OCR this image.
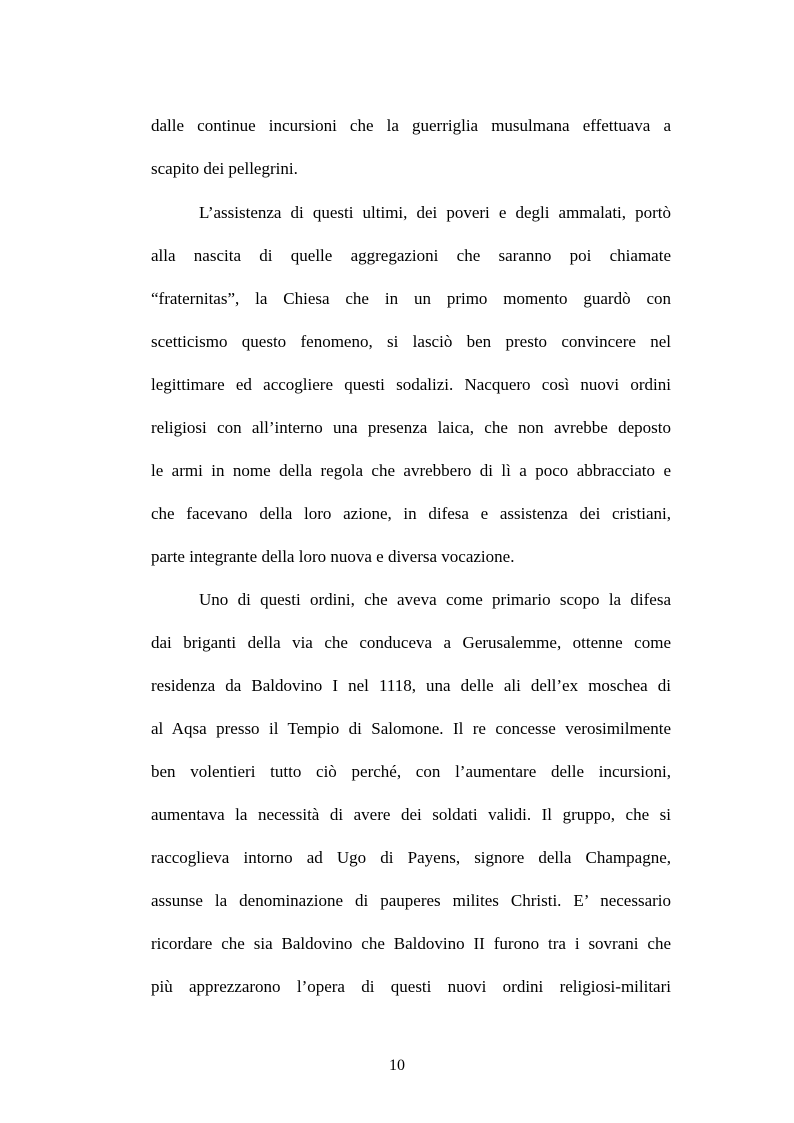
dalle continue incursioni che la guerriglia musulmana effettuava a
scapito dei pellegrini.
L’assistenza di questi ultimi, dei poveri e degli ammalati, portò
alla nascita di quelle aggregazioni che saranno poi chiamate
“fraternitas”, la Chiesa che in un primo momento guardò con
scetticismo questo fenomeno, si lasciò ben presto convincere nel
legittimare ed accogliere questi sodalizi. Nacquero così nuovi ordini
religiosi con all’interno una presenza laica, che non avrebbe deposto
le armi in nome della regola che avrebbero di lì a poco abbracciato e
che facevano della loro azione, in difesa e assistenza dei cristiani,
parte integrante della loro nuova e diversa vocazione.
Uno di questi ordini, che aveva come primario scopo la difesa
dai briganti della via che conduceva a Gerusalemme, ottenne come
residenza da Baldovino I nel 1118, una delle ali dell’ex moschea di
al Aqsa presso il Tempio di Salomone. Il re concesse verosimilmente
ben volentieri tutto ciò perché, con l’aumentare delle incursioni,
aumentava la necessità di avere dei soldati validi. Il gruppo, che si
raccoglieva intorno ad Ugo di Payens, signore della Champagne,
assunse la denominazione di pauperes milites Christi. E’ necessario
ricordare che sia Baldovino che Baldovino II furono tra i sovrani che
più apprezzarono l’opera di questi nuovi ordini religiosi-militari
10
